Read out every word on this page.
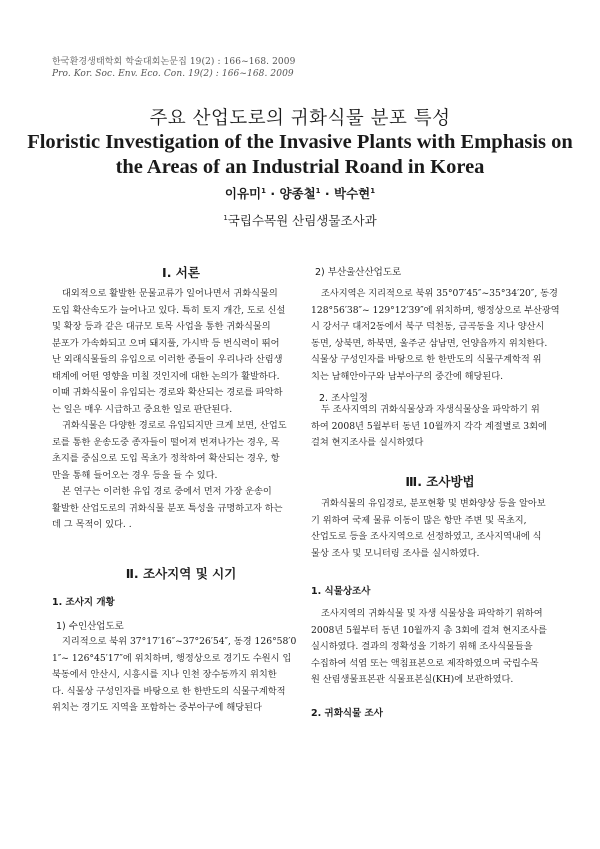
한국환경생태학회 학술대회논문집 19(2) : 166~168. 2009
Pro. Kor. Soc. Env. Eco. Con. 19(2) : 166~168. 2009
주요 산업도로의 귀화식물 분포 특성
Floristic Investigation of the Invasive Plants with Emphasis on
the Areas of an Industrial Roand in Korea
이유미$^1$ · 양종철$^1$ · 박수현$^1$
$^1$국립수목원 산림생물조사과
Ⅰ. 서론
대외적으로 활발한 문물교류가 일어나면서 귀화식물의
도입 확산속도가 늘어나고 있다. 특히 토지 개간, 도로 신설
및 확장 등과 같은 대규모 토목 사업을 통한 귀화식물의
분포가 가속화되고 으며 돼지풀, 가시박 등 번식력이 뛰어
난 외래식물들의 유입으로 이러한 종들이 우리나라 산림생
태계에 어떤 영향을 미칠 것인지에 대한 논의가 활발하다.
이때 귀화식물이 유입되는 경로와 확산되는 경로를 파악하
는 일은 매우 시급하고 중요한 일로 판단된다.
귀화식물은 다양한 경로로 유입되지만 크게 보면, 산업도
로를 통한 운송도중 종자들이 떨어져 번져나가는 경우, 목
초지를 중심으로 도입 목초가 정착하여 확산되는 경우, 항
만을 통해 들어오는 경우 등을 들 수 있다.
본 연구는 이러한 유입 경로 중에서 먼저 가장 운송이
활발한 산업도로의 귀화식물 분포 특성을 규명하고자 하는
데 그 목적이 있다. .
Ⅱ. 조사지역 및 시기
1. 조사지 개황
1) 수인산업도로
지리적으로 북위 37°17′16″~37°26′54″, 동경 126°58′0
1″~ 126°45′17″에 위치하며, 행정상으로 경기도 수원시 입
북동에서 안산시, 시흥시를 지나 인천 장수동까지 위치한
다. 식물상 구성인자를 바탕으로 한 한반도의 식물구계학적
위치는 경기도 지역을 포함하는 중부아구에 해당된다
2) 부산울산산업도로
조사지역은 지리적으로 북위 35°07′45″~35°34′20″, 동경
128°56′38″~ 129°12′39″에 위치하며, 행정상으로 부산광역
시 강서구 대저2동에서 북구 덕천동, 금곡동을 지나 양산시
동면, 상북면, 하북면, 울주군 삼남면, 언양읍까지 위치한다.
식물상 구성인자를 바탕으로 한 한반도의 식물구계학적 위
치는 남해안아구와 남부아구의 중간에 해당된다.
2. 조사일정
두 조사지역의 귀화식물상과 자생식물상을 파악하기 위
하여 2008년 5월부터 동년 10월까지 각각 계절별로 3회에
걸쳐 현지조사를 실시하였다
Ⅲ. 조사방법
귀화식물의 유입경로, 분포현황 및 변화양상 등을 알아보
기 위하여 국제 물류 이동이 많은 항만 주변 및 목초지,
산업도로 등을 조사지역으로 선정하였고, 조사지역내에 식
물상 조사 및 모니터링 조사를 실시하였다.
1. 식물상조사
조사지역의 귀화식물 및 자생 식물상을 파악하기 위하여
2008년 5월부터 동년 10월까지 총 3회에 걸쳐 현지조사를
실시하였다. 결과의 정확성을 기하기 위해 조사식물들을
수집하여 석엽 또는 액침표본으로 제작하였으며 국립수목
원 산림생물표본관 식물표본실(KH)에 보관하였다.
2. 귀화식물 조사
